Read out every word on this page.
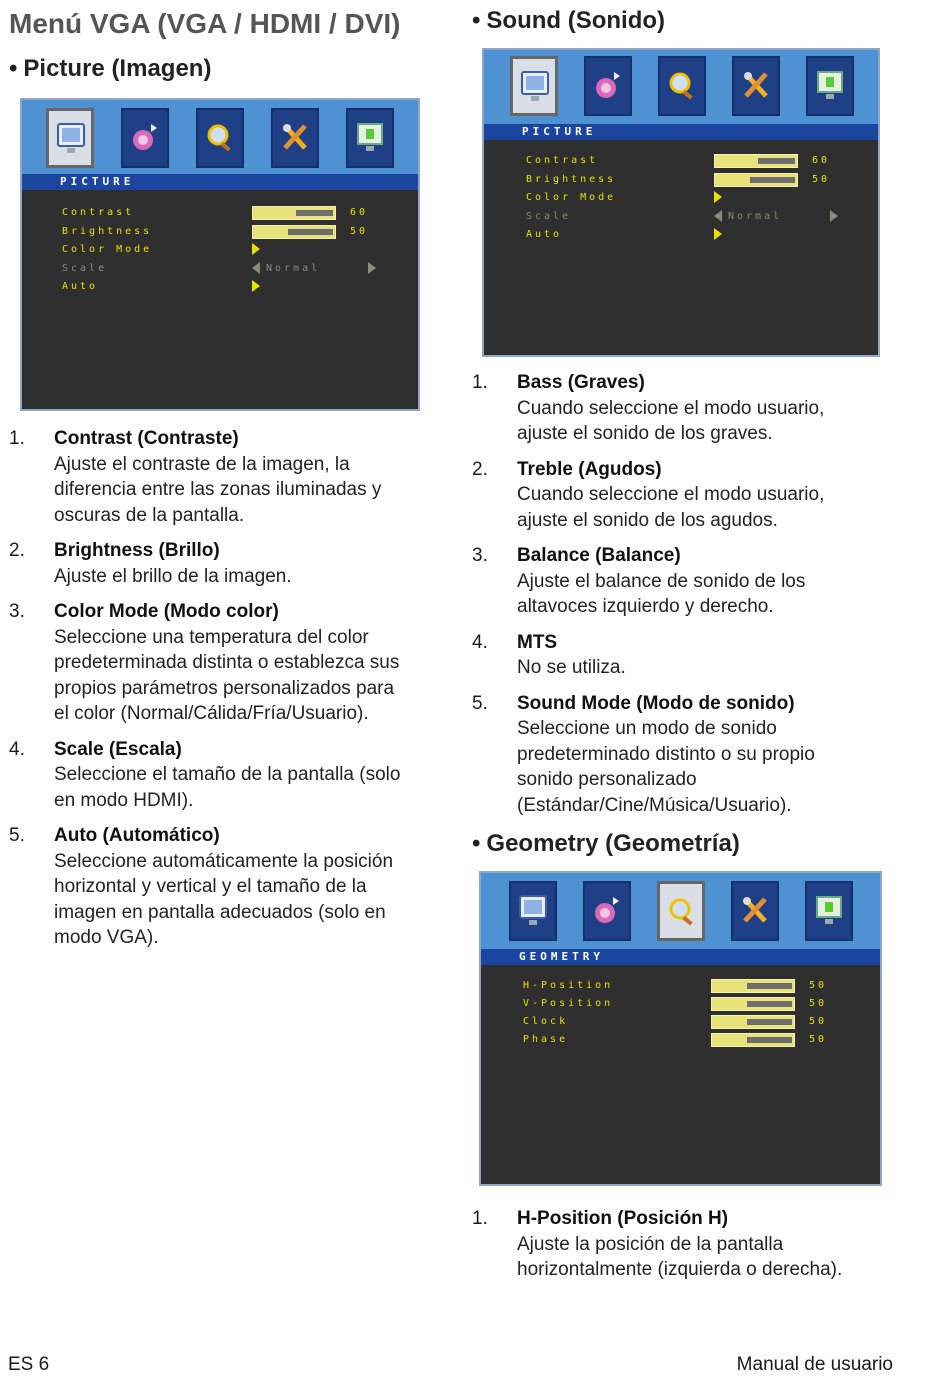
Menú VGA (VGA / HDMI / DVI)
• Picture (Imagen)
PICTURE
Contrast	60
Brightness	50
Color Mode
Scale	Normal
Auto
1. Contrast (Contraste)
Ajuste el contraste de la imagen, la
diferencia entre las zonas iluminadas y
oscuras de la pantalla.
2. Brightness (Brillo)
Ajuste el brillo de la imagen.
3. Color Mode (Modo color)
Seleccione una temperatura del color
predeterminada distinta o establezca sus
propios parámetros personalizados para
el color (Normal/Cálida/Fría/Usuario).
4. Scale (Escala)
Seleccione el tamaño de la pantalla (solo
en modo HDMI).
5. Auto (Automático)
Seleccione automáticamente la posición
horizontal y vertical y el tamaño de la
imagen en pantalla adecuados (solo en
modo VGA).
• Sound (Sonido)
PICTURE
Contrast	60
Brightness	50
Color Mode
Scale	Normal
Auto
1. Bass (Graves)
Cuando seleccione el modo usuario,
ajuste el sonido de los graves.
2. Treble (Agudos)
Cuando seleccione el modo usuario,
ajuste el sonido de los agudos.
3. Balance (Balance)
Ajuste el balance de sonido de los
altavoces izquierdo y derecho.
4. MTS
No se utiliza.
5. Sound Mode (Modo de sonido)
Seleccione un modo de sonido
predeterminado distinto o su propio
sonido personalizado
(Estándar/Cine/Música/Usuario).
• Geometry (Geometría)
GEOMETRY
H-Position	50
V-Position	50
Clock	50
Phase	50
1. H-Position (Posición H)
Ajuste la posición de la pantalla
horizontalmente (izquierda o derecha).
ES 6	Manual de usuario
